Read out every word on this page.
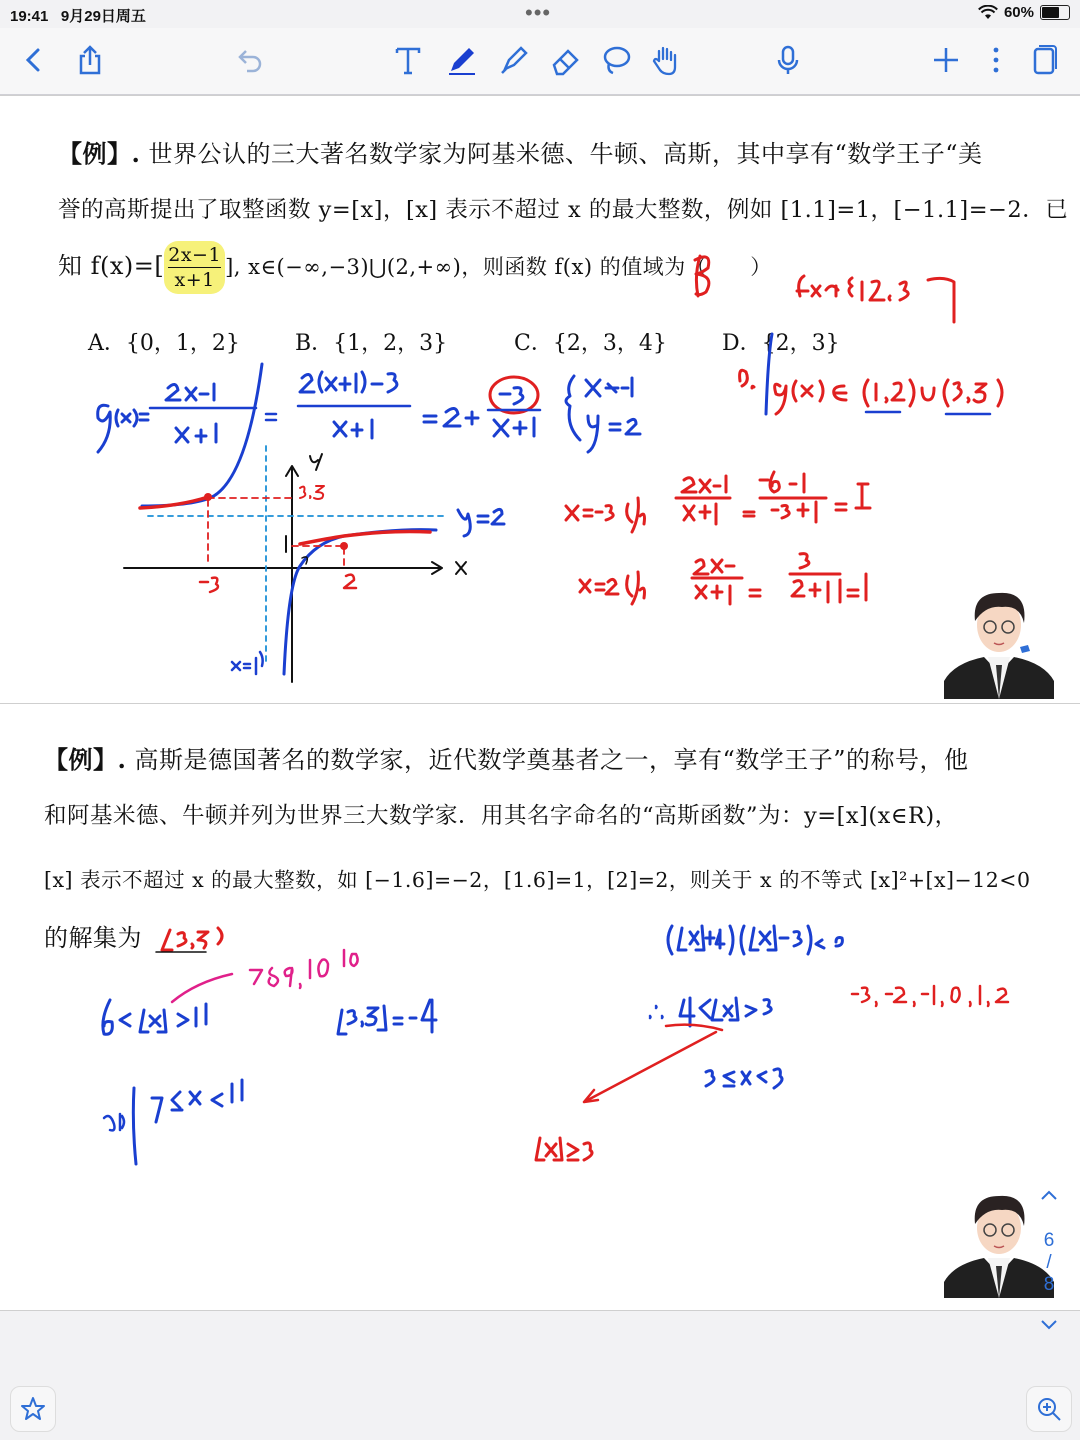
19:41 9月29日周五	•••	60%
【例】. 世界公认的三大著名数学家为阿基米德、牛顿、高斯，其中享有“数学王子“美
誉的高斯提出了取整函数 y=[x]，[x] 表示不超过 x 的最大整数，例如 [1.1]=1，[−1.1]=−2．已
知 $f(x)=[ \frac{2x-1}{x+1}$ ], x∈(−∞,−3)⋃(2,+∞)，则函数 f(x) 的值域为（　　）
A．{0，1，2}	B．{1，2，3}	C．{2，3，4}	D．{2，3}
【例】. 高斯是德国著名的数学家，近代数学奠基者之一，享有“数学王子”的称号，他
和阿基米德、牛顿并列为世界三大数学家．用其名字命名的“高斯函数”为：y=[x](x∈R)，
[x] 表示不超过 x 的最大整数，如 [−1.6]=−2，[1.6]=1，[2]=2，则关于 x 的不等式 [x]²+[x]−12<0
的解集为
6
/
8
